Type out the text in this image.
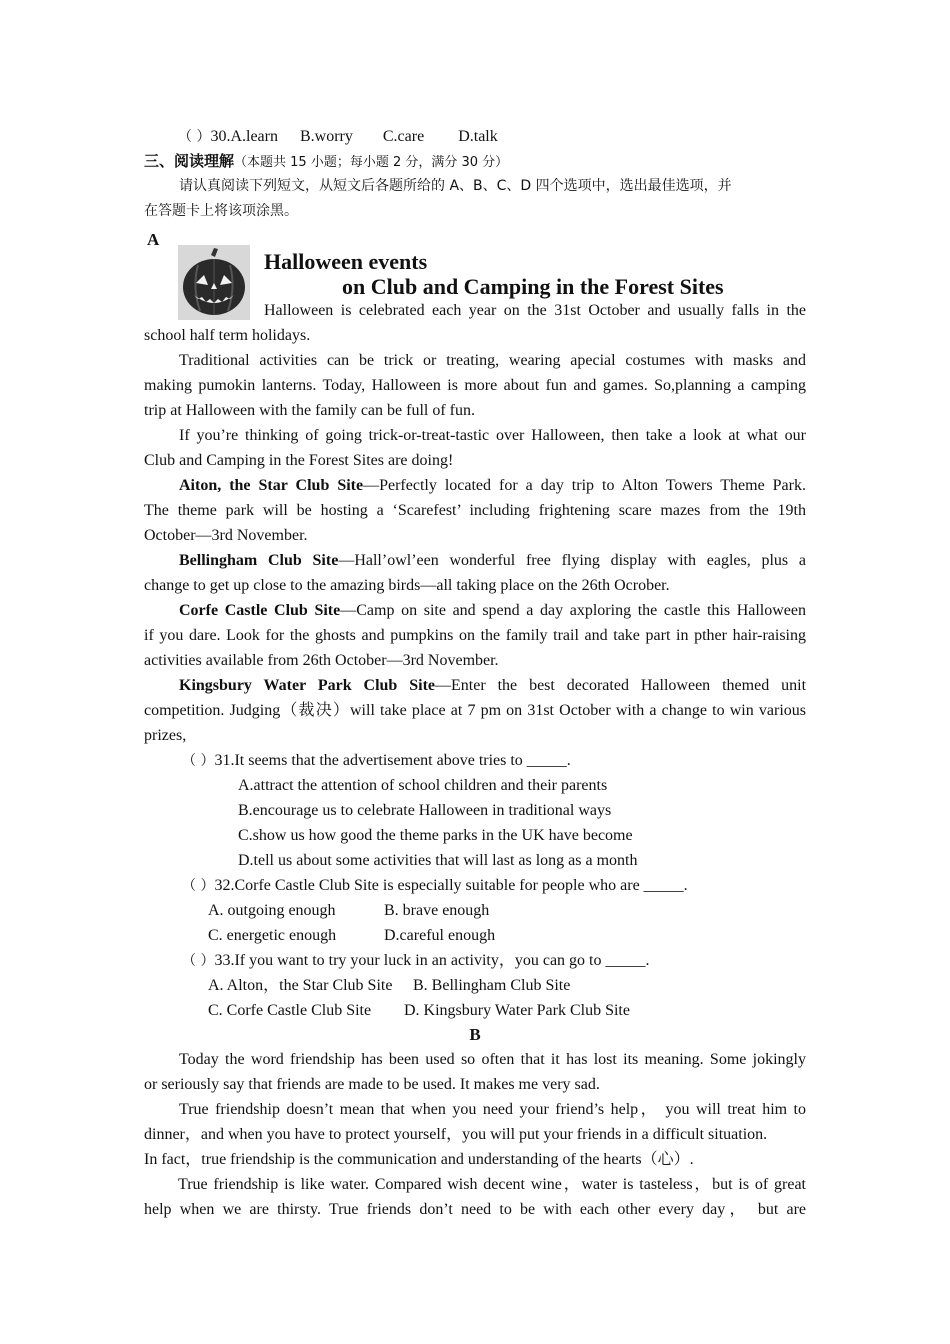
（ ）30.A.learn B.worry C.care D.talk
三、阅读理解（本题共 15 小题；每小题 2 分，满分 30 分）
请认真阅读下列短文，从短文后各题所给的 A、B、C、D 四个选项中，选出最佳选项，并
在答题卡上将该项涂黑。
A
Halloween events
on Club and Camping in the Forest Sites
Halloween is celebrated each year on the 31st October and usually falls in the
school half term holidays.
Traditional activities can be trick or treating, wearing apecial costumes with masks and
making pumokin lanterns. Today, Halloween is more about fun and games. So,planning a camping
trip at Halloween with the family can be full of fun.
If you’re thinking of going trick-or-treat-tastic over Halloween, then take a look at what our
Club and Camping in the Forest Sites are doing!
Aiton, the Star Club Site—Perfectly located for a day trip to Alton Towers Theme Park.
The theme park will be hosting a ‘Scarefest’ including frightening scare mazes from the 19th
October—3rd November.
Bellingham Club Site—Hall’owl’een wonderful free flying display with eagles, plus a
change to get up close to the amazing birds—all taking place on the 26th Ocrober.
Corfe Castle Club Site—Camp on site and spend a day axploring the castle this Halloween
if you dare. Look for the ghosts and pumpkins on the family trail and take part in pther hair-raising
activities available from 26th October—3rd November.
Kingsbury Water Park Club Site—Enter the best decorated Halloween themed unit
competition. Judging（裁决）will take place at 7 pm on 31st October with a change to win various
prizes,
（ ）31.It seems that the advertisement above tries to _____.
A.attract the attention of school children and their parents
B.encourage us to celebrate Halloween in traditional ways
C.show us how good the theme parks in the UK have become
D.tell us about some activities that will last as long as a month
（ ）32.Corfe Castle Club Site is especially suitable for people who are _____.
A. outgoing enough	B. brave enough
C. energetic enough	D.careful enough
（ ）33.If you want to try your luck in an activity，you can go to _____.
A. Alton，the Star Club Site	B. Bellingham Club Site
C. Corfe Castle Club Site	D. Kingsbury Water Park Club Site
B
Today the word friendship has been used so often that it has lost its meaning. Some jokingly
or seriously say that friends are made to be used. It makes me very sad.
True friendship doesn’t mean that when you need your friend’s help， you will treat him to
dinner，and when you have to protect yourself，you will put your friends in a difficult situation.
In fact，true friendship is the communication and understanding of the hearts（心）.
True friendship is like water. Compared wish decent wine，water is tasteless，but is of great
help when we are thirsty. True friends don’t need to be with each other every day， but are
